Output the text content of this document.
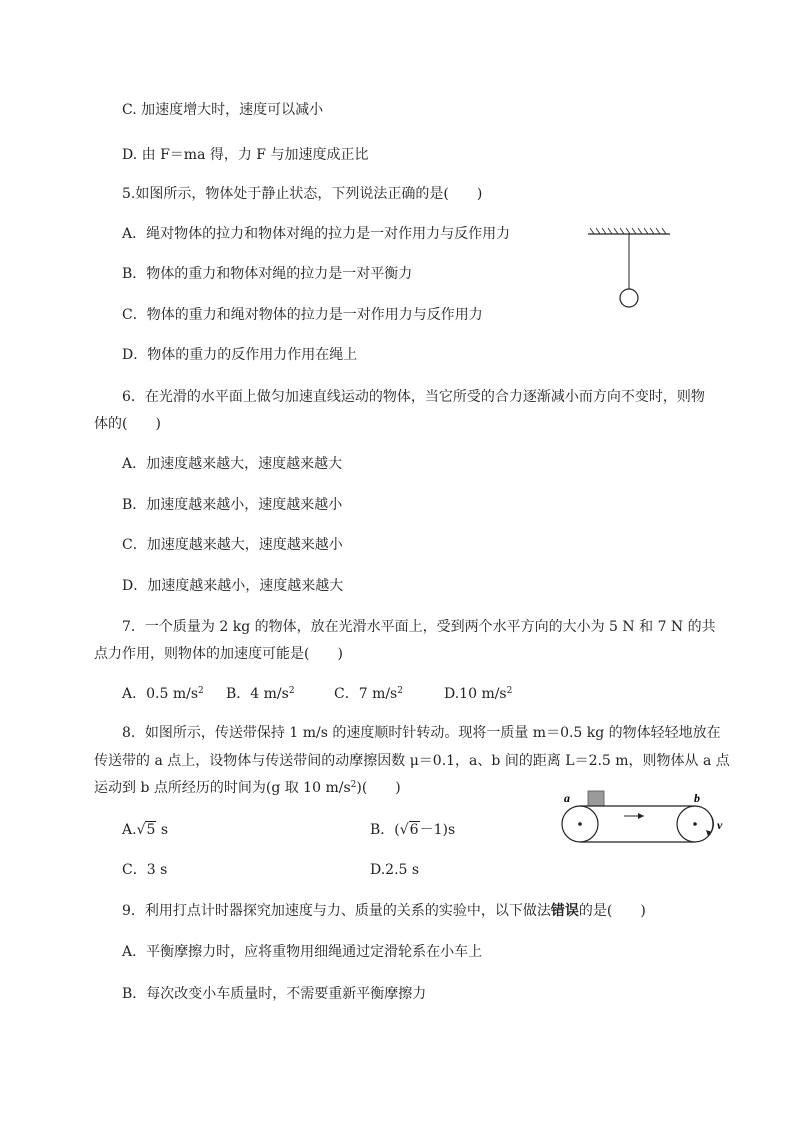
C. 加速度增大时，速度可以减小
D. 由 F＝ma 得，力 F 与加速度成正比
5.如图所示，物体处于静止状态，下列说法正确的是(　　)
A．绳对物体的拉力和物体对绳的拉力是一对作用力与反作用力
B．物体的重力和物体对绳的拉力是一对平衡力
C．物体的重力和绳对物体的拉力是一对作用力与反作用力
D．物体的重力的反作用力作用在绳上
6．在光滑的水平面上做匀加速直线运动的物体，当它所受的合力逐渐减小而方向不变时，则物
体的(　　)
A．加速度越来越大，速度越来越大
B．加速度越来越小，速度越来越小
C．加速度越来越大，速度越来越小
D．加速度越来越小，速度越来越大
7．一个质量为 2 kg 的物体，放在光滑水平面上，受到两个水平方向的大小为 5 N 和 7 N 的共
点力作用，则物体的加速度可能是(　　)
A．0.5 $m/s^2$ B．4 $m/s^2$	C．7 $m/s^2$	D.10 $m/s^2$
8．如图所示，传送带保持 1 m/s 的速度顺时针转动。现将一质量 m＝0.5 kg 的物体轻轻地放在
传送带的 a 点上，设物体与传送带间的动摩擦因数 μ＝0.1，a、b 间的距离 L＝2.5 m，则物体从 a 点
运动到 b 点所经历的时间为(g 取 10 $m/s^2$)(　　)
A.√5 s	B．(√6－1)s
C．3 s	D.2.5 s
a	b
v
9．利用打点计时器探究加速度与力、质量的关系的实验中，以下做法错误的是(　　)
A．平衡摩擦力时，应将重物用细绳通过定滑轮系在小车上
B．每次改变小车质量时，不需要重新平衡摩擦力
